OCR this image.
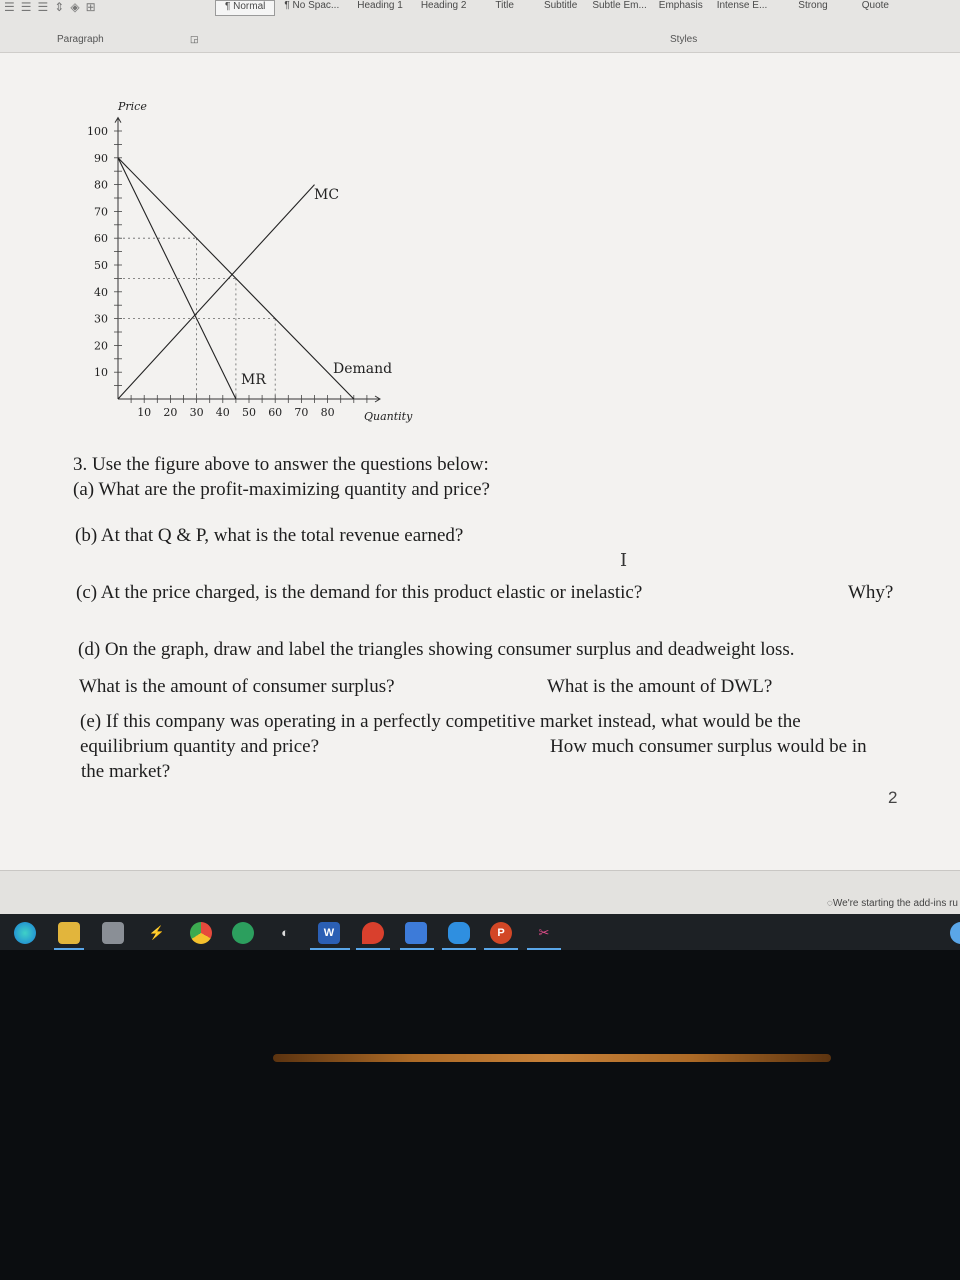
☰ ☰ ☰ ⇕ ◈ ⊞	¶ Normal	¶ No Spac...	Heading 1	Heading 2	Title	Subtitle	Subtle Em...	Emphasis	Intense E...	Strong	Quote
Paragraph	◲	Styles
10
20
30
40
50
60
70
80
90
100
10 20 30 40 50 60 70 80
Price
Quantity
MC
Demand
MR
I
3. Use the figure above to answer the questions below:
(a) What are the profit-maximizing quantity and price?
(b) At that Q & P, what is the total revenue earned?
(c) At the price charged, is the demand for this product elastic or inelastic?	Why?
(d) On the graph, draw and label the triangles showing consumer surplus and deadweight loss.
What is the amount of consumer surplus?	What is the amount of DWL?
(e) If this company was operating in a perfectly competitive market instead, what would be the
equilibrium quantity and price?	How much consumer surplus would be in
the market?
2
◌We're starting the add-ins ru
⚡	◐	W	P	✂
